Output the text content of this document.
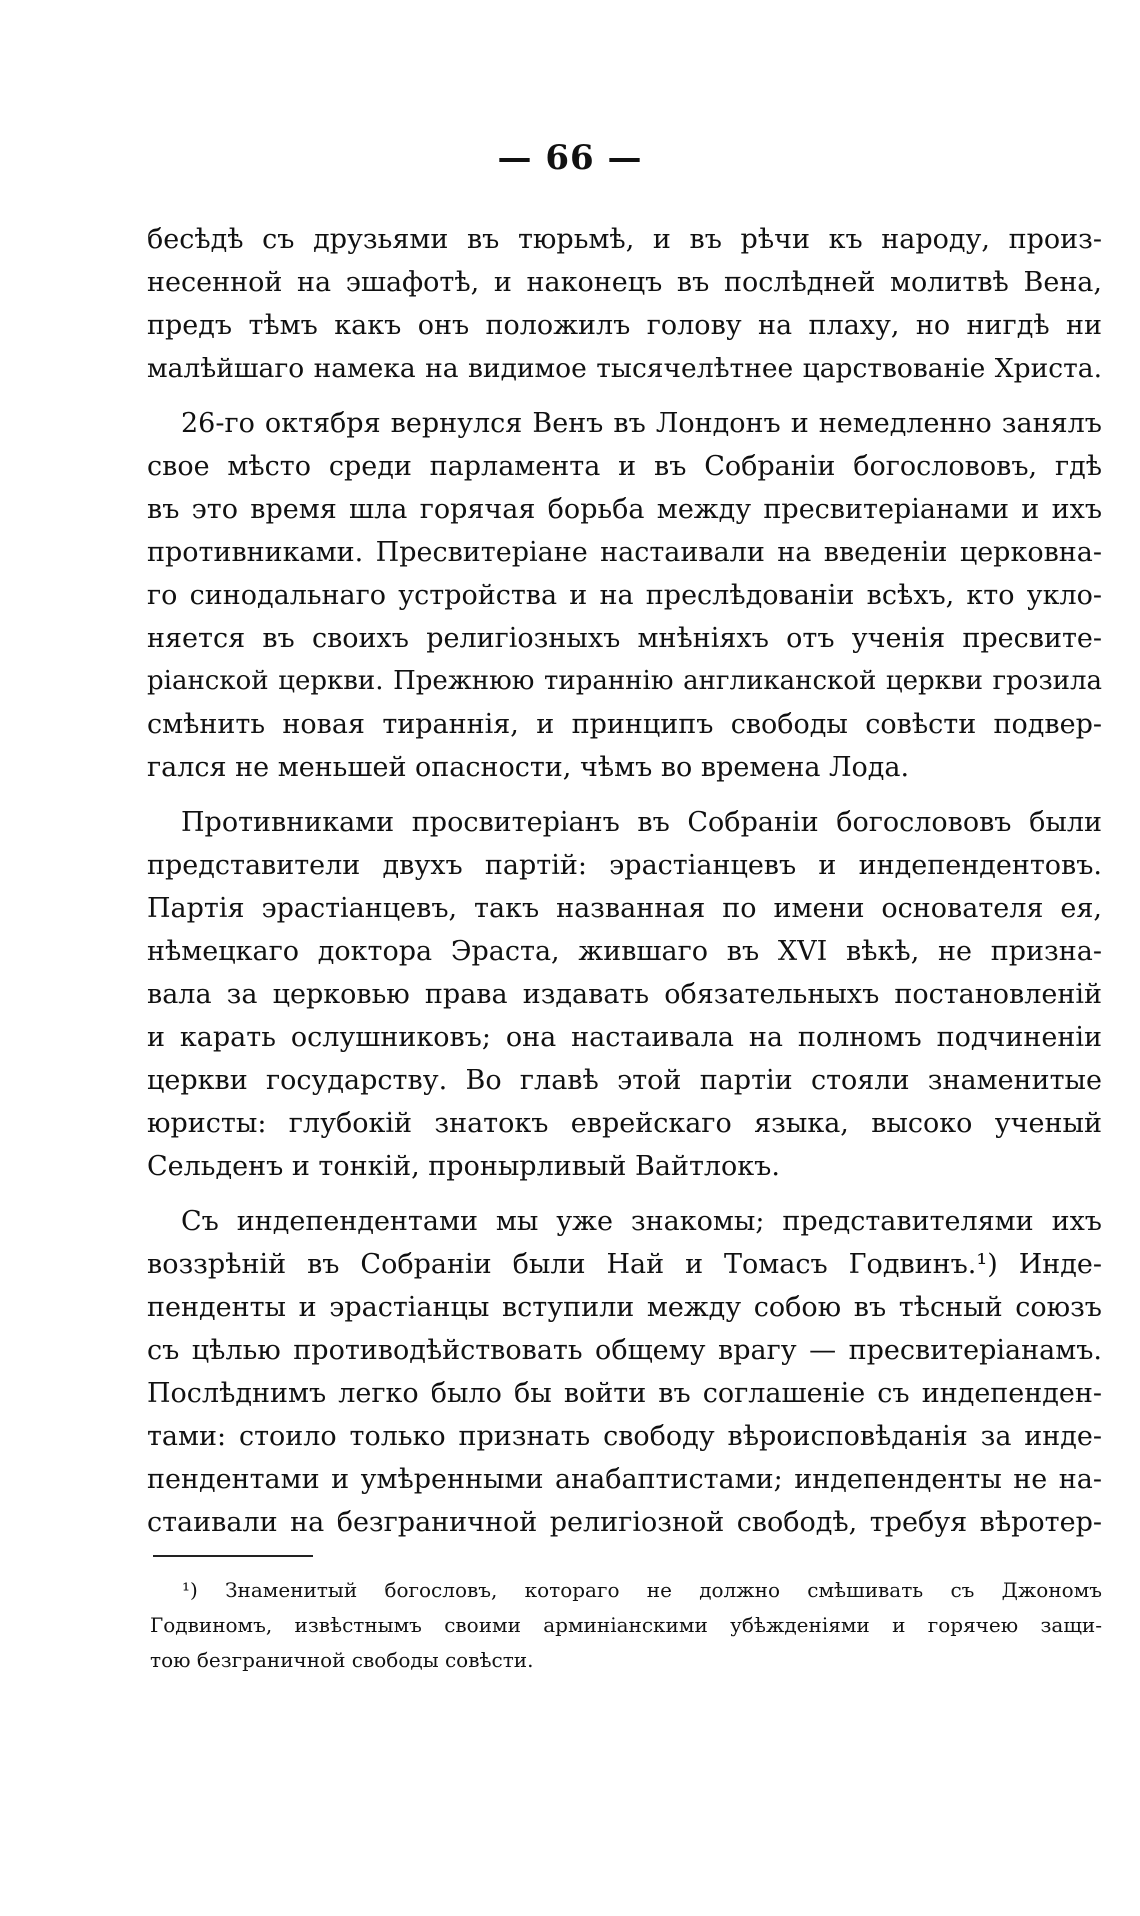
— 66 —
бесѣдѣ съ друзьями въ тюрьмѣ, и въ рѣчи къ народу, произ-
несенной на эшафотѣ, и наконецъ въ послѣдней молитвѣ Вена,
предъ тѣмъ какъ онъ положилъ голову на плаху, но нигдѣ ни
малѣйшаго намека на видимое тысячелѣтнее царствованіе Христа.
26-го октября вернулся Венъ въ Лондонъ и немедленно занялъ
свое мѣсто среди парламента и въ Собраніи богослововъ, гдѣ
въ это время шла горячая борьба между пресвитеріанами и ихъ
противниками. Пресвитеріане настаивали на введеніи церковна-
го синодальнаго устройства и на преслѣдованіи всѣхъ, кто укло-
няется въ своихъ религіозныхъ мнѣніяхъ отъ ученія пресвите-
ріанской церкви. Прежнюю тираннію англиканской церкви грозила
смѣнить новая тираннія, и принципъ свободы совѣсти подвер-
гался не меньшей опасности, чѣмъ во времена Лода.
Противниками просвитеріанъ въ Собраніи богослововъ были
представители двухъ партій: эрастіанцевъ и индепендентовъ.
Партія эрастіанцевъ, такъ названная по имени основателя ея,
нѣмецкаго доктора Эраста, жившаго въ XVI вѣкѣ, не призна-
вала за церковью права издавать обязательныхъ постановленій
и карать ослушниковъ; она настаивала на полномъ подчиненіи
церкви государству. Во главѣ этой партіи стояли знаменитые
юристы: глубокій знатокъ еврейскаго языка, высоко ученый
Сельденъ и тонкій, пронырливый Вайтлокъ.
Съ индепендентами мы уже знакомы; представителями ихъ
воззрѣній въ Собраніи были Най и Томасъ Годвинъ.¹) Инде-
пенденты и эрастіанцы вступили между собою въ тѣсный союзъ
съ цѣлью противодѣйствовать общему врагу — пресвитеріанамъ.
Послѣднимъ легко было бы войти въ соглашеніе съ индепенден-
тами: стоило только признать свободу вѣроисповѣданія за инде-
пендентами и умѣренными анабаптистами; индепенденты не на-
стаивали на безграничной религіозной свободѣ, требуя вѣротер-
¹) Знаменитый богословъ, котораго не должно смѣшивать съ Джономъ
Годвиномъ, извѣстнымъ своими арминіанскими убѣжденіями и горячею защи-
тою безграничной свободы совѣсти.
